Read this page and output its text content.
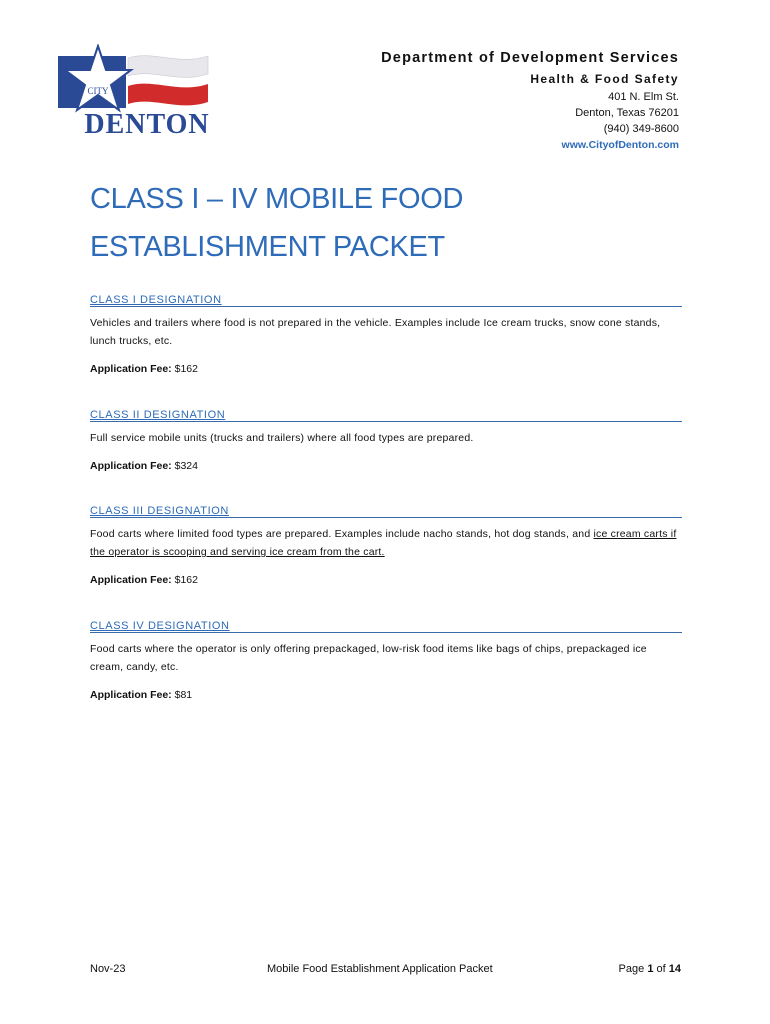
CITY
OF
DENTON
Department of Development Services
Health & Food Safety
401 N. Elm St.
Denton, Texas 76201
(940) 349-8600
www.CityofDenton.com
CLASS I – IV MOBILE FOOD
ESTABLISHMENT PACKET
CLASS I DESIGNATION
Vehicles and trailers where food is not prepared in the vehicle. Examples include Ice cream trucks, snow cone stands, lunch trucks, etc.
Application Fee: $162
CLASS II DESIGNATION
Full service mobile units (trucks and trailers) where all food types are prepared.
Application Fee: $324
CLASS III DESIGNATION
Food carts where limited food types are prepared. Examples include nacho stands, hot dog stands, and ice cream carts if the operator is scooping and serving ice cream from the cart.
Application Fee: $162
CLASS IV DESIGNATION
Food carts where the operator is only offering prepackaged, low-risk food items like bags of chips, prepackaged ice cream, candy, etc.
Application Fee: $81
Nov-23	Mobile Food Establishment Application Packet	Page 1 of 14
